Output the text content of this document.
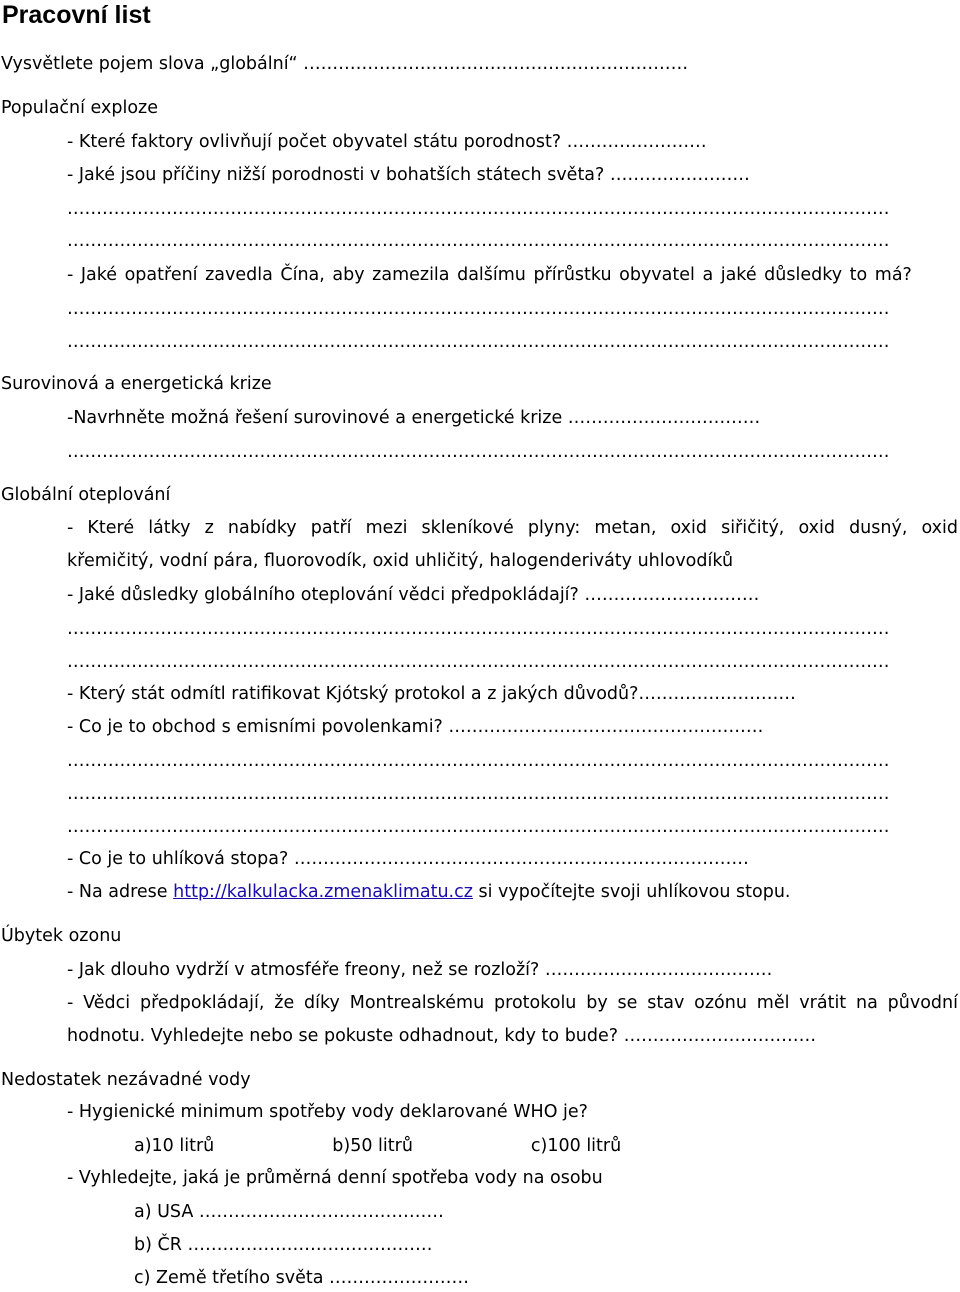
Pracovní list
Vysvětlete pojem slova „globální“ …………………………………………………………
Populační exploze
- Které faktory ovlivňují počet obyvatel státu porodnost? ……………………
- Jaké jsou příčiny nižší porodnosti v bohatších státech světa? ……………………
……………………………………………………………………………………………………………………………
……………………………………………………………………………………………………………………………
- Jaké opatření zavedla Čína, aby zamezila dalšímu přírůstku obyvatel a jaké důsledky to má?
……………………………………………………………………………………………………………………………
……………………………………………………………………………………………………………………………
Surovinová a energetická krize
-Navrhněte možná řešení surovinové a energetické krize ……………………………
……………………………………………………………………………………………………………………………
Globální oteplování
- Které látky z nabídky patří mezi skleníkové plyny: metan, oxid siřičitý, oxid dusný, oxid
křemičitý, vodní pára, fluorovodík, oxid uhličitý, halogenderiváty uhlovodíků
- Jaké důsledky globálního oteplování vědci předpokládají? …………………………
……………………………………………………………………………………………………………………………
……………………………………………………………………………………………………………………………
- Který stát odmítl ratifikovat Kjótský protokol a z jakých důvodů?………………………
- Co je to obchod s emisními povolenkami? ………………………………………………
……………………………………………………………………………………………………………………………
……………………………………………………………………………………………………………………………
……………………………………………………………………………………………………………………………
- Co je to uhlíková stopa? ……………………………………………………………………
- Na adrese http://kalkulacka.zmenaklimatu.cz si vypočítejte svoji uhlíkovou stopu.
Úbytek ozonu
- Jak dlouho vydrží v atmosféře freony, než se rozloží? …………………………………
- Vědci předpokládají, že díky Montrealskému protokolu by se stav ozónu měl vrátit na původní
hodnotu. Vyhledejte nebo se pokuste odhadnout, kdy to bude? ……………………………
Nedostatek nezávadné vody
- Hygienické minimum spotřeby vody deklarované WHO je?
a)10 litrů	b)50 litrů	c)100 litrů
- Vyhledejte, jaká je průměrná denní spotřeba vody na osobu
a) USA ……………………………………
b) ČR ……………………………………
c) Země třetího světa ……………………
